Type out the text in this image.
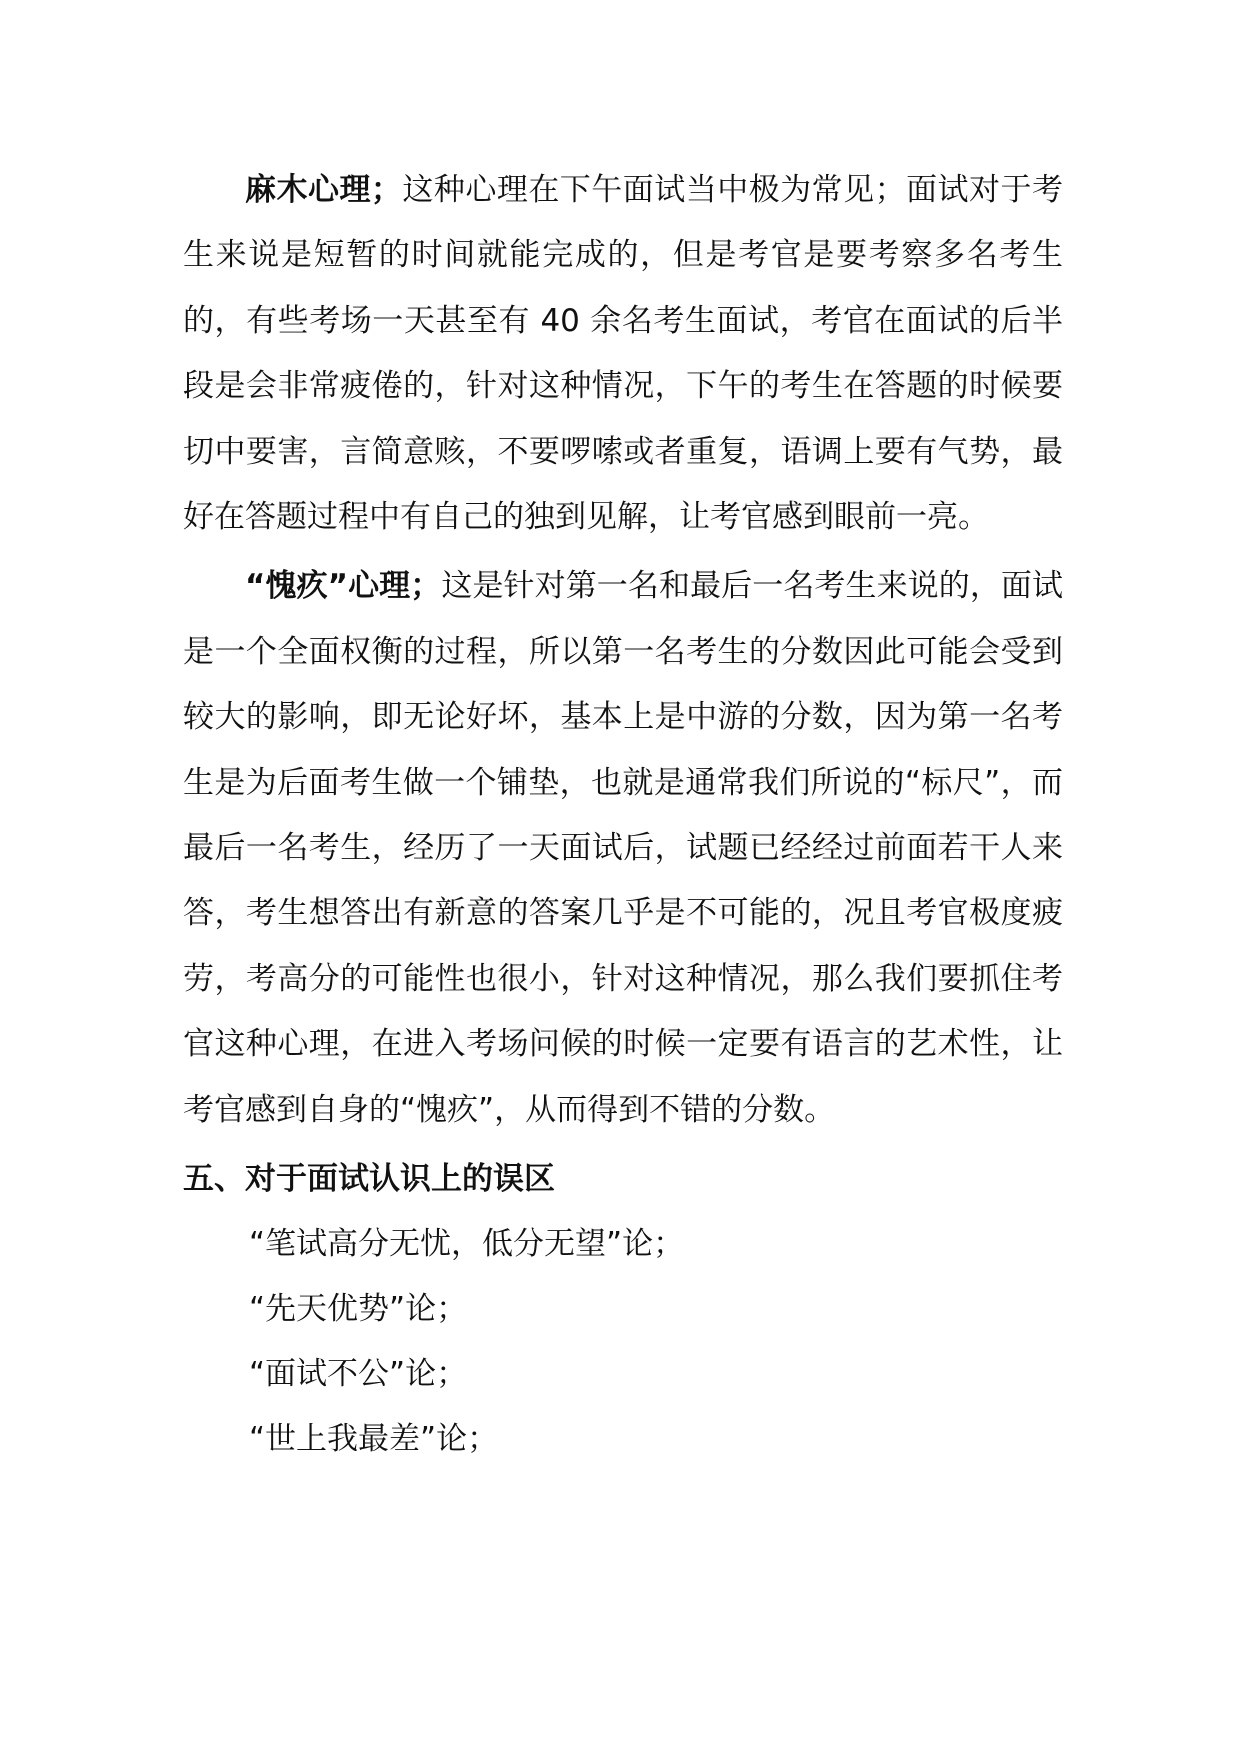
麻木心理；这种心理在下午面试当中极为常见；面试对于考生来说是短暂的时间就能完成的，但是考官是要考察多名考生的，有些考场一天甚至有 40 余名考生面试，考官在面试的后半段是会非常疲倦的，针对这种情况，下午的考生在答题的时候要切中要害，言简意赅，不要啰嗦或者重复，语调上要有气势，最好在答题过程中有自己的独到见解，让考官感到眼前一亮。

“愧疚”心理；这是针对第一名和最后一名考生来说的，面试是一个全面权衡的过程，所以第一名考生的分数因此可能会受到较大的影响，即无论好坏，基本上是中游的分数，因为第一名考生是为后面考生做一个铺垫，也就是通常我们所说的“标尺”，而最后一名考生，经历了一天面试后，试题已经经过前面若干人来答，考生想答出有新意的答案几乎是不可能的，况且考官极度疲劳，考高分的可能性也很小，针对这种情况，那么我们要抓住考官这种心理，在进入考场问候的时候一定要有语言的艺术性，让考官感到自身的“愧疚”，从而得到不错的分数。

五、对于面试认识上的误区
“笔试高分无忧，低分无望”论；
“先天优势”论；
“面试不公”论；
“世上我最差”论；
